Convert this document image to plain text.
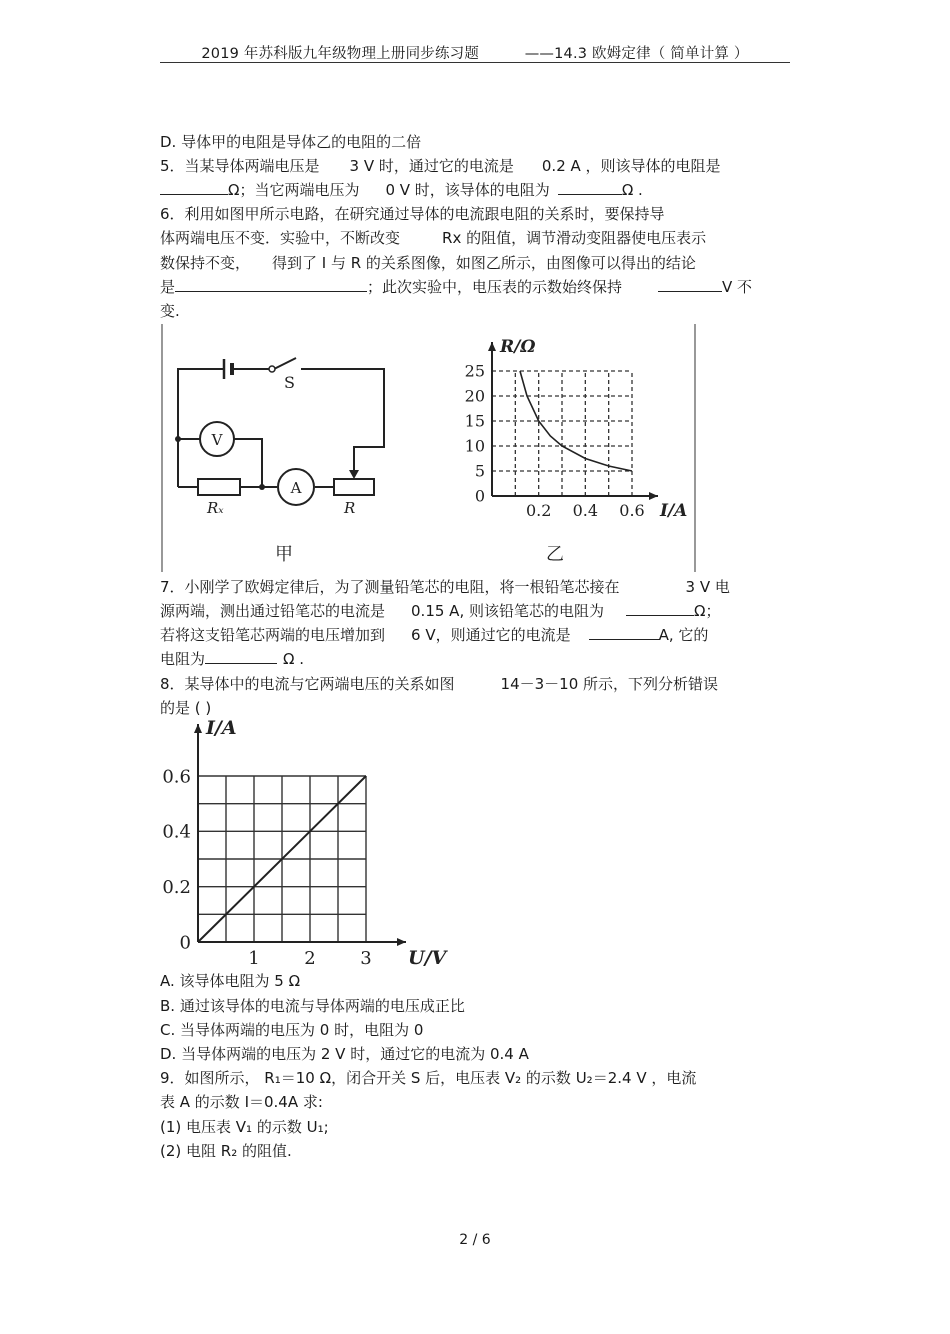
2019 年苏科版九年级物理上册同步练习题	——14.3 欧姆定律（ 简单计算 ）
D. 导体甲的电阻是导体乙的电阻的二倍
5．当某导体两端电压是 3 V 时，通过它的电流是 0.2 A ，则该导体的电阻是
Ω；当它两端电压为 0 V 时，该导体的电阻为	Ω .
6．利用如图甲所示电路，在研究通过导体的电流跟电阻的关系时，要保持导
体两端电压不变．实验中，不断改变	Rx 的阻值，调节滑动变阻器使电压表示
数保持不变， 得到了 I 与 R 的关系图像，如图乙所示，由图像可以得出的结论
是	；此次实验中，电压表的示数始终保持	V 不
变.
V
A
S
Rₓ	R
甲
0.2 0.4 0.6
0
5
10
15
20
25
I/A
R/Ω
乙
7．小刚学了欧姆定律后，为了测量铅笔芯的电阻，将一根铅笔芯接在	3 V 电
源两端，测出通过铅笔芯的电流是 0.15 A, 则该铅笔芯的电阻为	Ω；
若将这支铅笔芯两端的电压增加到 6 V，则通过它的电流是	A, 它的
电阻为	Ω .
8．某导体中的电流与它两端电压的关系如图	14－3－10 所示，下列分析错误
的是 ( )
1 2 3
0
0.2
0.4
0.6
U/V
I/A
A. 该导体电阻为 5 Ω
B. 通过该导体的电流与导体两端的电压成正比
C. 当导体两端的电压为 0 时，电阻为 0
D. 当导体两端的电压为 2 V 时，通过它的电流为 0.4 A
9．如图所示， R₁＝10 Ω，闭合开关 S 后，电压表 V₂ 的示数 U₂＝2.4 V ，电流
表 A 的示数 I＝0.4A 求:
(1) 电压表 V₁ 的示数 U₁;
(2) 电阻 R₂ 的阻值.
2 / 6
